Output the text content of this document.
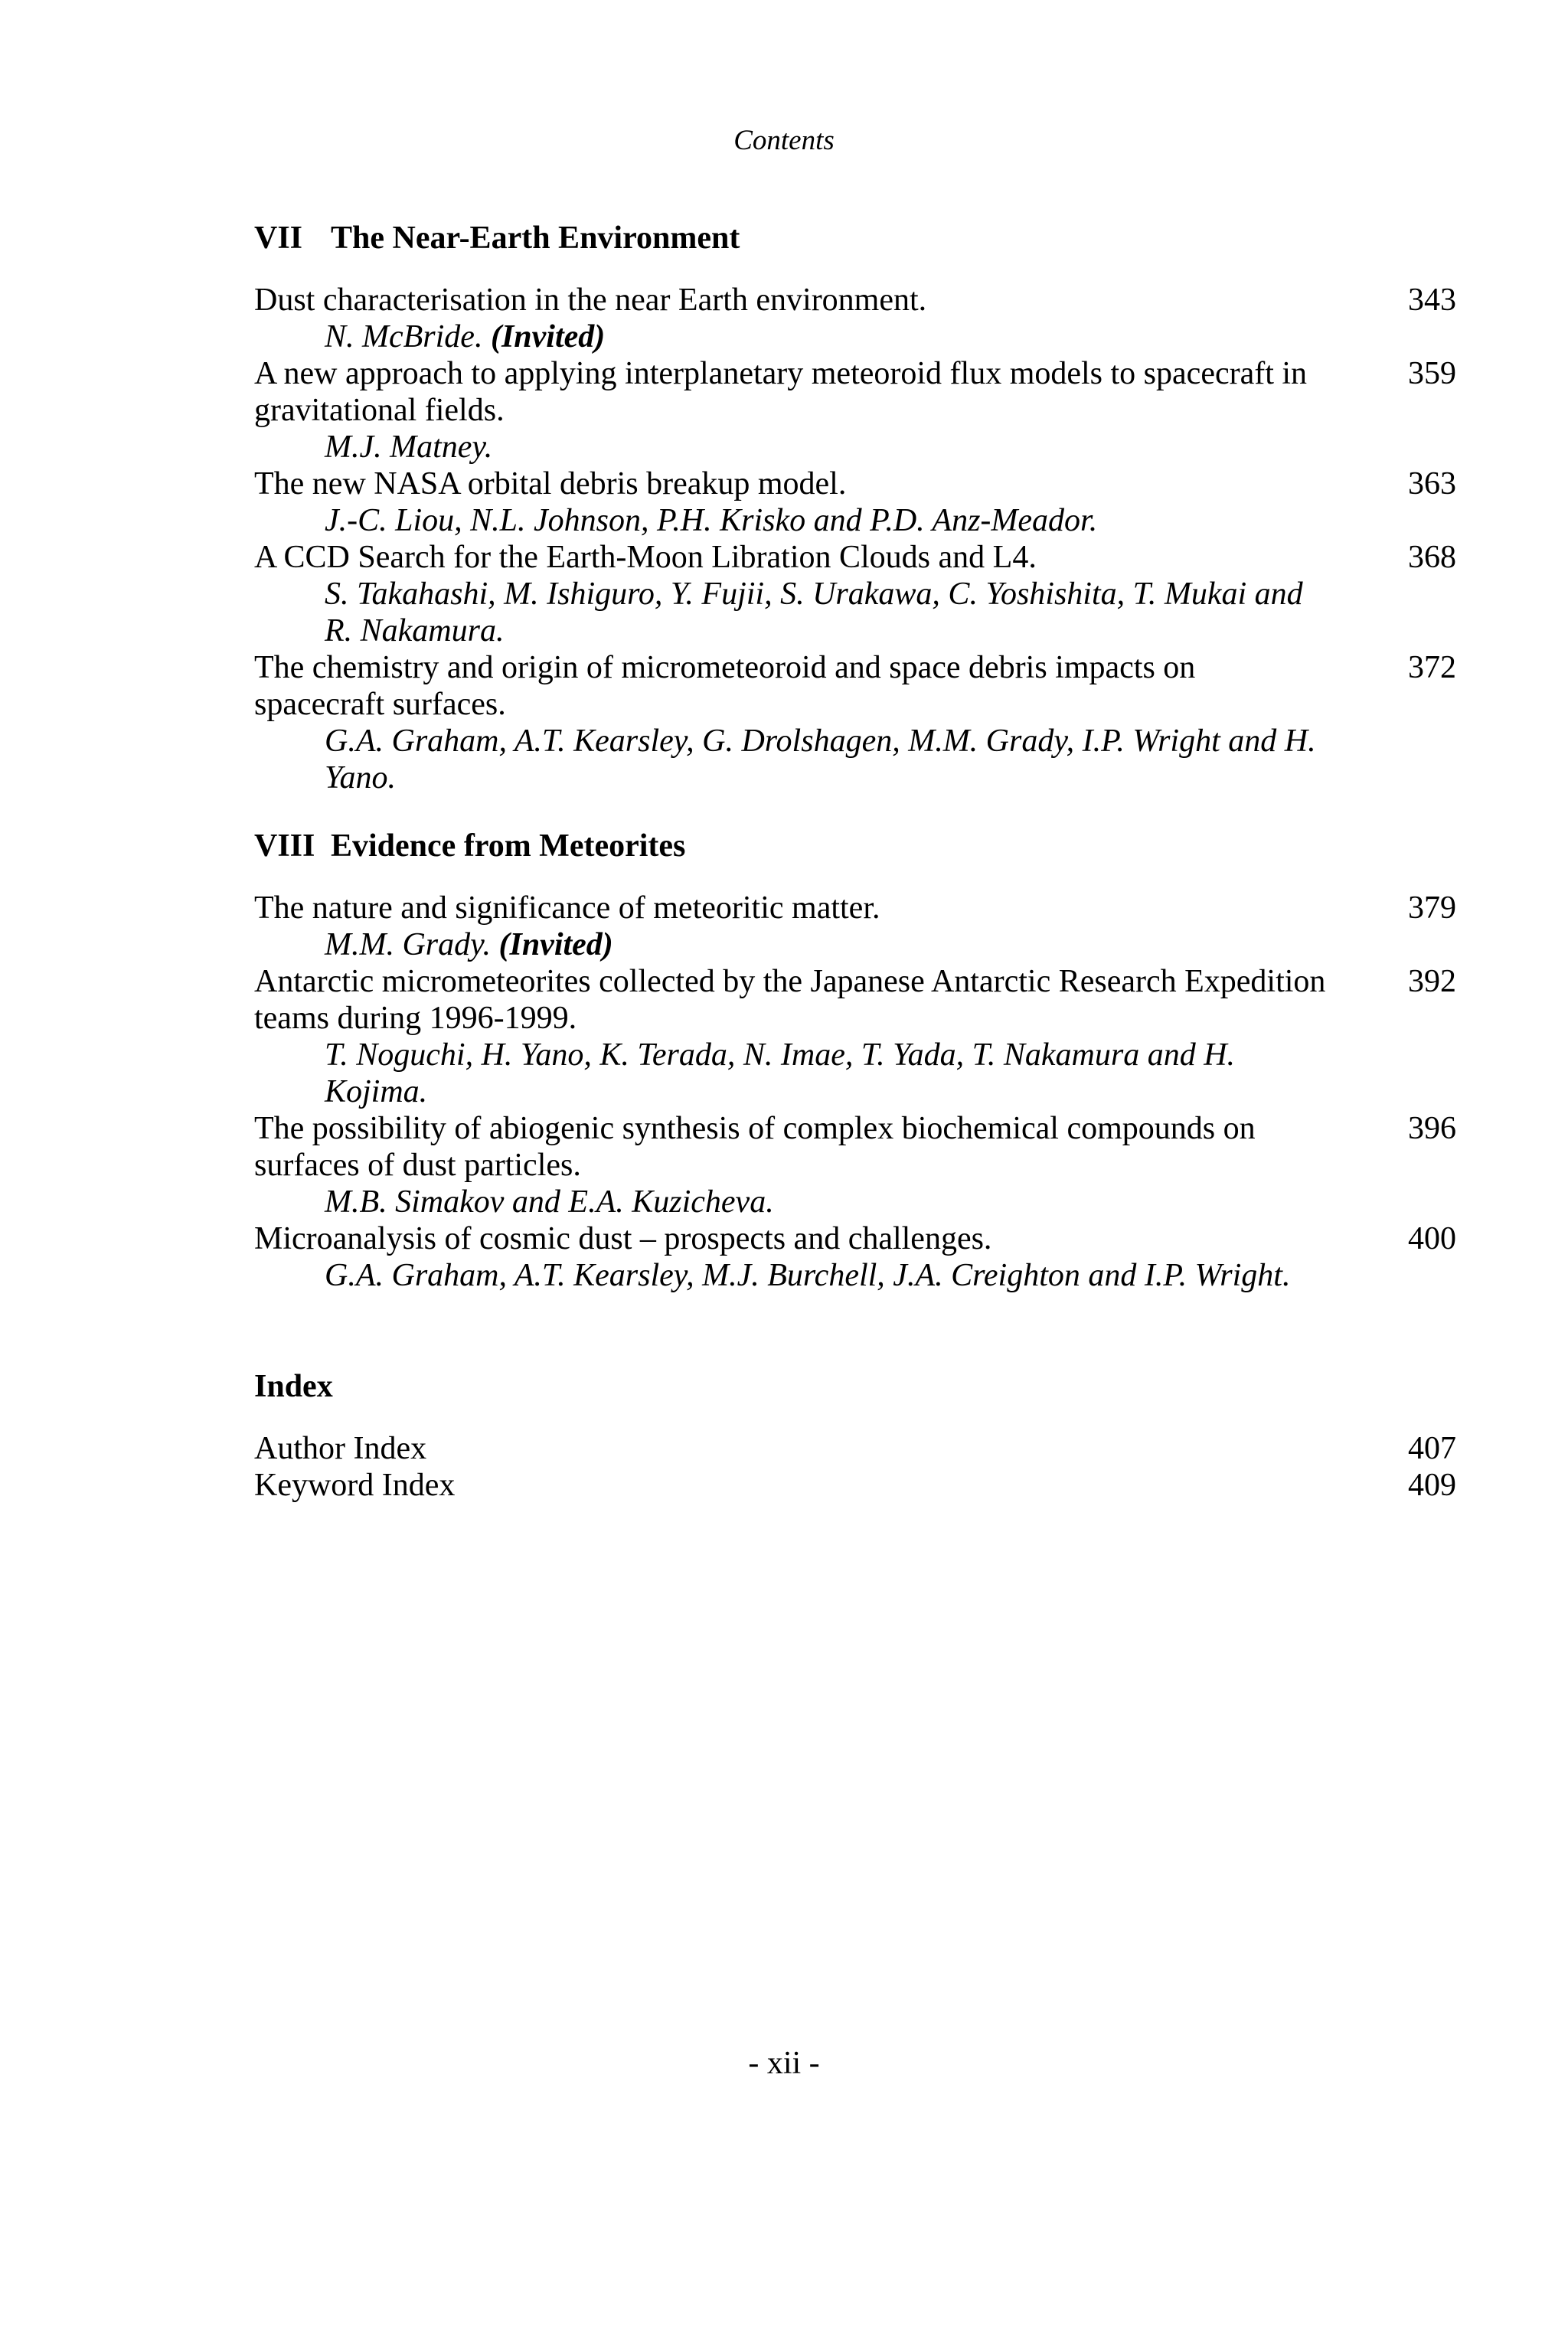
Contents
VII The Near-Earth Environment
Dust characterisation in the near Earth environment.
N. McBride. (Invited)
343
A new approach to applying interplanetary meteoroid flux models to spacecraft in gravitational fields.
M.J. Matney.
359
The new NASA orbital debris breakup model.
J.-C. Liou, N.L. Johnson, P.H. Krisko and P.D. Anz-Meador.
363
A CCD Search for the Earth-Moon Libration Clouds and L4.
S. Takahashi, M. Ishiguro, Y. Fujii, S. Urakawa, C. Yoshishita, T. Mukai and R. Nakamura.
368
The chemistry and origin of micrometeoroid and space debris impacts on spacecraft surfaces.
G.A. Graham, A.T. Kearsley, G. Drolshagen, M.M. Grady, I.P. Wright and H. Yano.
372
VIII Evidence from Meteorites
The nature and significance of meteoritic matter.
M.M. Grady. (Invited)
379
Antarctic micrometeorites collected by the Japanese Antarctic Research Expedition teams during 1996-1999.
T. Noguchi, H. Yano, K. Terada, N. Imae, T. Yada, T. Nakamura and H. Kojima.
392
The possibility of abiogenic synthesis of complex biochemical compounds on surfaces of dust particles.
M.B. Simakov and E.A. Kuzicheva.
396
Microanalysis of cosmic dust – prospects and challenges.
G.A. Graham, A.T. Kearsley, M.J. Burchell, J.A. Creighton and I.P. Wright.
400
Index
Author Index	407
Keyword Index	409
- xii -
